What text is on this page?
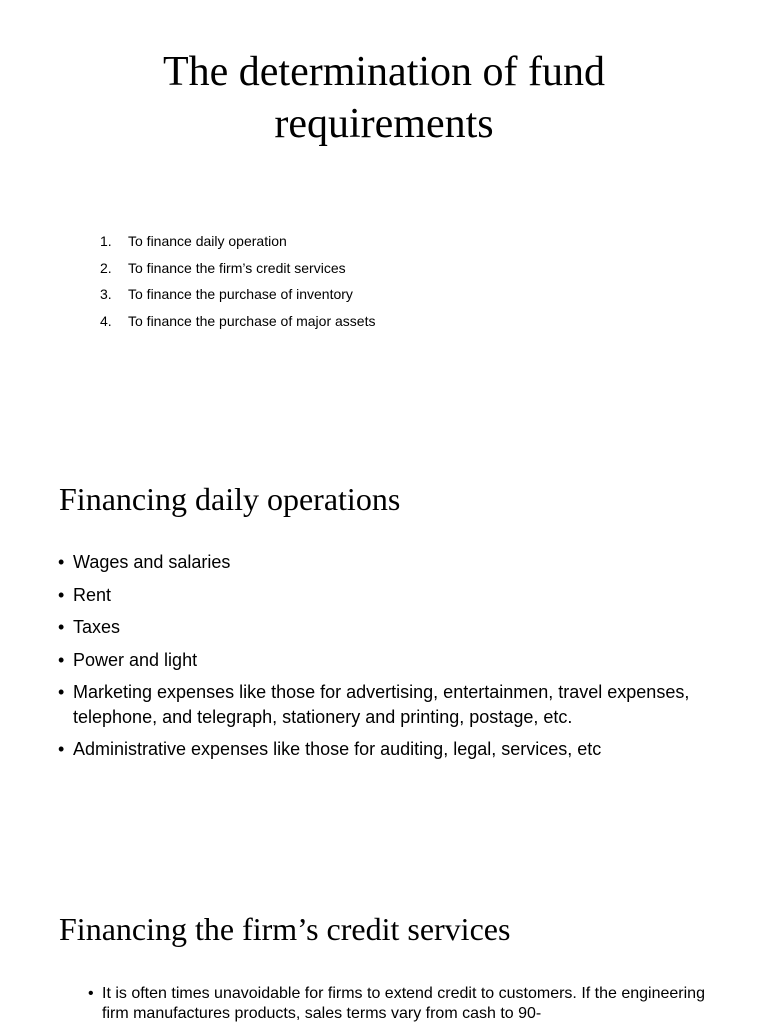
The determination of fund
requirements
1. To finance daily operation
2. To finance the firm’s credit services
3. To finance the purchase of inventory
4. To finance the purchase of major assets
Financing daily operations
• Wages and salaries
• Rent
• Taxes
• Power and light
• Marketing expenses like those for advertising, entertainmen, travel expenses, telephone, and telegraph, stationery and printing, postage, etc.
• Administrative expenses like those for auditing, legal, services, etc
Financing the firm’s credit services
• It is often times unavoidable for firms to extend credit to customers. If the engineering firm manufactures products, sales terms vary from cash to 90-
